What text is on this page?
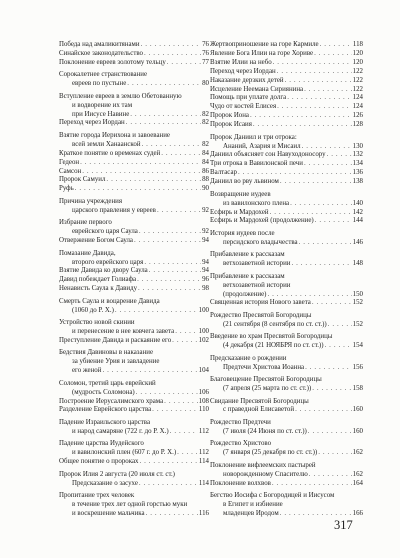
Победа над амаликитянами . . .	76
Синайское законодательство . . .	76
Поклонение евреев золотому тельцу . . .	77
Сорокалетнее странствование
евреев по пустыне . . .	80
Вступление евреев в землю Обетованную
и водворение их там
при Иисусе Навине . . .	82
Переход через Иордан . . .	82
Взятие города Иерихона и завоевание
всей земли Ханаанской . . .	82
Краткое понятие о временах судей . . .	84
Гедеон . . .	84
Самсон . . .	86
Пророк Самуил . . .	88
Руфь . . .	90
Причина учреждения
царского правления у евреев . . .	92
Избрание первого
еврейского царя Саула . . .	92
Отвержение Богом Саула . . .	94
Помазание Давида,
второго еврейского царя . . .	94
Взятие Давида ко двору Саула . . .	94
Давид побеждает Голиафа . . .	96
Ненависть Саула к Давиду . . .	98
Смерть Саула и воцарение Давида
(1060 до Р. Х.) . . .	100
Устройство новой скинии
и перенесение в нее ковчега завета . . .	100
Преступление Давида и раскаяние его . . .	102
Бедствия Давиновы в наказание
за убиение Урия и завладение
его женой . . .	104
Соломон, третий царь еврейский
(мудрость Соломона) . . .	106
Построение Иерусалимского храма . . .	108
Разделение Еврейского царства . . .	110
Падение Израильского царства
и народ самаряне (722 г. до Р. Х.) . . .	112
Падение царства Иудейского
и вавилонский плен (607 г. до Р. Х.) . . .	112
Общее понятие о пророках . . .	114
Пророк Илия 2 августа (20 июля ст. ст.)
Предсказание о засухе . . .	114
Пропитание трех человек
в течение трех лет одной горстью муки
и воскрешение мальчика . . .	116
Жертвоприношение на горе Кармиле . . .	118
Явление Бога Илии на горе Хориве . . .	120
Взятие Илии на небо . . .	120
Переход через Иордан . . .	122
Наказание дерзких детей . . .	122
Исцеление Неемана Сириянина . . .	122
Помощь при уплате долга . . .	124
Чудо от костей Елисея . . .	124
Пророк Иона . . .	126
Пророк Исаия . . .	128
Пророк Даниил и три отрока:
Ананий, Азария и Мисаил . . .	130
Даниил объясняет сон Навуходоносору . . .	132
Три отрока в Вавилонской печи . . .	134
Валтасар . . .	136
Даниил во рву львином . . .	138
Возвращение иудеев
из вавилонского плена . . .	140
Есфирь и Мардохей . . .	142
Есфирь и Мардохей (продолжение) . . .	144
История иудеев после
персидского владычества . . .	146
Прибавление к рассказам
ветхозаветной истории . . .	148
Прибавление к рассказам
ветхозаветной истории
(продолжение) . . .	150
Священная история Нового завета . . .	152
Рождество Пресвятой Богородицы
(21 сентября (8 сентября по ст. ст.)) . . .	152
Введение во храм Пресвятой Богородицы
(4 декабря (21 НОЯБРЯ по ст. ст.)) . . .	154
Предсказание о рождении
Предтечи Христова Иоанна . . .	156
Благовещение Пресвятой Богородицы
(7 апреля (25 марта по ст. ст.)) . . .	158
Свидание Пресвятой Богородицы
с праведной Елисаветой . . .	160
Рождество Предтечи
(7 июля (24 Июня по ст. ст.)) . . .	160
Рождество Христово
(7 января (25 декабря по ст. ст.)) . . .	162
Поклонение вифлеемских пастырей
новорожденному Спасителю . . .	162
Поклонение волхвов . . .	164
Бегство Иосифа с Богородицей и Иисусом
в Египет и избиение
младенцев Иродом . . .	166
317
